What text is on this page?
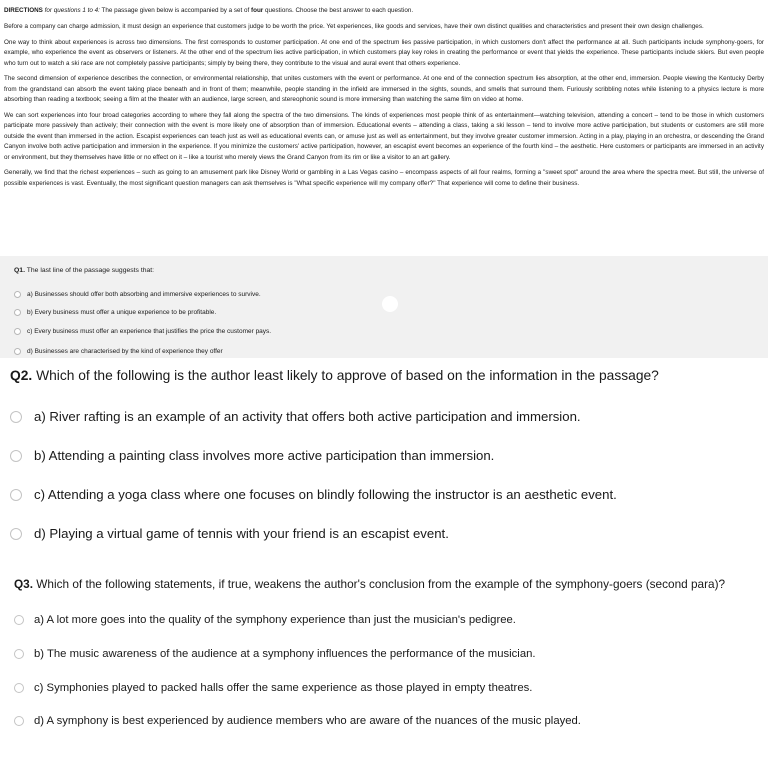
DIRECTIONS for questions 1 to 4: The passage given below is accompanied by a set of four questions. Choose the best answer to each question.

Before a company can charge admission, it must design an experience that customers judge to be worth the price. Yet experiences, like goods and services, have their own distinct qualities and characteristics and present their own design challenges.

One way to think about experiences is across two dimensions. The first corresponds to customer participation. At one end of the spectrum lies passive participation, in which customers don't affect the performance at all. Such participants include symphony-goers, for example, who experience the event as observers or listeners. At the other end of the spectrum lies active participation, in which customers play key roles in creating the performance or event that yields the experience. These participants include skiers. But even people who turn out to watch a ski race are not completely passive participants; simply by being there, they contribute to the visual and aural event that others experience.

The second dimension of experience describes the connection, or environmental relationship, that unites customers with the event or performance. At one end of the connection spectrum lies absorption, at the other end, immersion. People viewing the Kentucky Derby from the grandstand can absorb the event taking place beneath and in front of them; meanwhile, people standing in the infield are immersed in the sights, sounds, and smells that surround them. Furiously scribbling notes while listening to a physics lecture is more absorbing than reading a textbook; seeing a film at the theater with an audience, large screen, and stereophonic sound is more immersing than watching the same film on video at home.

We can sort experiences into four broad categories according to where they fall along the spectra of the two dimensions. The kinds of experiences most people think of as entertainment—watching television, attending a concert – tend to be those in which customers participate more passively than actively; their connection with the event is more likely one of absorption than of immersion. Educational events – attending a class, taking a ski lesson – tend to involve more active participation, but students or customers are still more outside the event than immersed in the action. Escapist experiences can teach just as well as educational events can, or amuse just as well as entertainment, but they involve greater customer immersion. Acting in a play, playing in an orchestra, or descending the Grand Canyon involve both active participation and immersion in the experience. If you minimize the customers' active participation, however, an escapist event becomes an experience of the fourth kind – the aesthetic. Here customers or participants are immersed in an activity or environment, but they themselves have little or no effect on it – like a tourist who merely views the Grand Canyon from its rim or like a visitor to an art gallery.

Generally, we find that the richest experiences – such as going to an amusement park like Disney World or gambling in a Las Vegas casino – encompass aspects of all four realms, forming a "sweet spot" around the area where the spectra meet. But still, the universe of possible experiences is vast. Eventually, the most significant question managers can ask themselves is "What specific experience will my company offer?" That experience will come to define their business.

Q1. The last line of the passage suggests that:
a) Businesses should offer both absorbing and immersive experiences to survive.
b) Every business must offer a unique experience to be profitable.
c) Every business must offer an experience that justifies the price the customer pays.
d) Businesses are characterised by the kind of experience they offer
Q2. Which of the following is the author least likely to approve of based on the information in the passage?
a) River rafting is an example of an activity that offers both active participation and immersion.
b) Attending a painting class involves more active participation than immersion.
c) Attending a yoga class where one focuses on blindly following the instructor is an aesthetic event.
d) Playing a virtual game of tennis with your friend is an escapist event.
Q3. Which of the following statements, if true, weakens the author's conclusion from the example of the symphony-goers (second para)?
a) A lot more goes into the quality of the symphony experience than just the musician's pedigree.
b) The music awareness of the audience at a symphony influences the performance of the musician.
c) Symphonies played to packed halls offer the same experience as those played in empty theatres.
d) A symphony is best experienced by audience members who are aware of the nuances of the music played.
